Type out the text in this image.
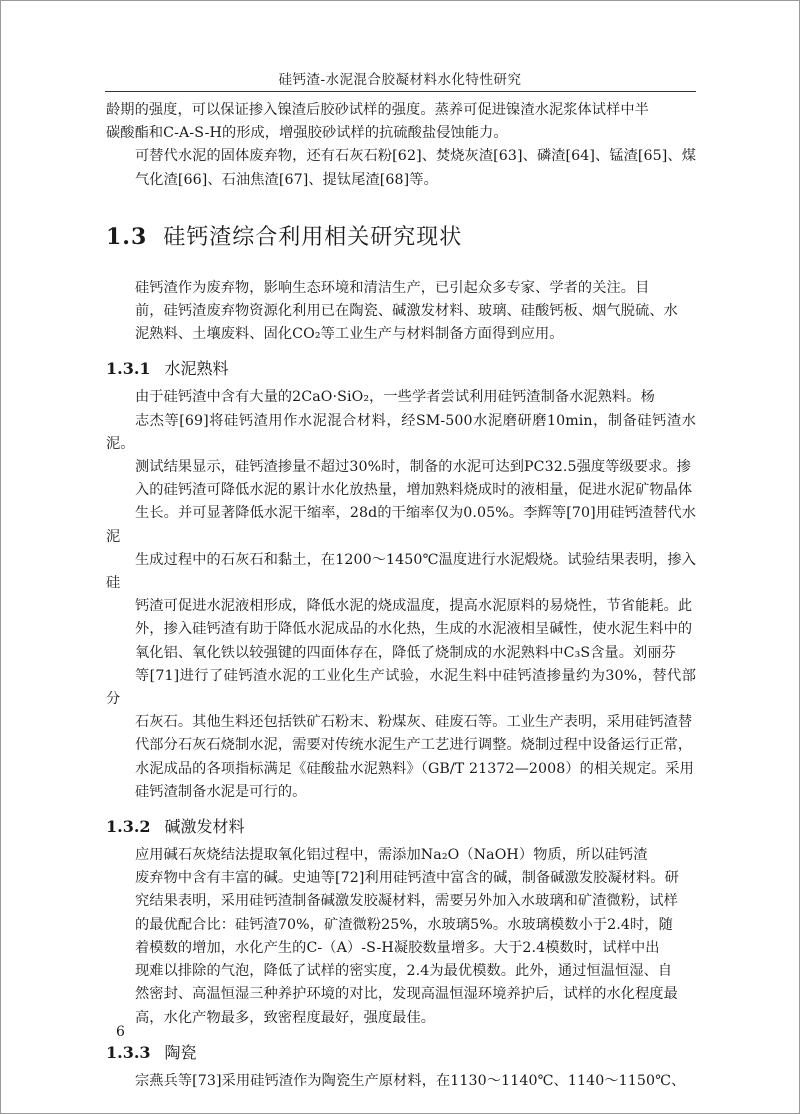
硅钙渣-水泥混合胶凝材料水化特性研究

龄期的强度，可以保证掺入镍渣后胶砂试样的强度。蒸养可促进镍渣水泥浆体试样中半
碳酸酯和C-A-S-H的形成，增强胶砂试样的抗硫酸盐侵蚀能力。

可替代水泥的固体废弃物，还有石灰石粉[62]、焚烧灰渣[63]、磷渣[64]、锰渣[65]、煤
气化渣[66]、石油焦渣[67]、提钛尾渣[68]等。

1.3 硅钙渣综合利用相关研究现状

硅钙渣作为废弃物，影响生态环境和清洁生产，已引起众多专家、学者的关注。目
前，硅钙渣废弃物资源化利用已在陶瓷、碱激发材料、玻璃、硅酸钙板、烟气脱硫、水
泥熟料、土壤废料、固化CO₂等工业生产与材料制备方面得到应用。

1.3.1 水泥熟料

由于硅钙渣中含有大量的2CaO·SiO₂，一些学者尝试利用硅钙渣制备水泥熟料。杨
志杰等[69]将硅钙渣用作水泥混合材料，经SM-500水泥磨研磨10min，制备硅钙渣水泥。
测试结果显示，硅钙渣掺量不超过30%时，制备的水泥可达到PC32.5强度等级要求。掺
入的硅钙渣可降低水泥的累计水化放热量，增加熟料烧成时的液相量，促进水泥矿物晶体
生长。并可显著降低水泥干缩率，28d的干缩率仅为0.05%。李辉等[70]用硅钙渣替代水泥
生成过程中的石灰石和黏土，在1200～1450℃温度进行水泥煅烧。试验结果表明，掺入硅
钙渣可促进水泥液相形成，降低水泥的烧成温度，提高水泥原料的易烧性，节省能耗。此
外，掺入硅钙渣有助于降低水泥成品的水化热，生成的水泥液相呈碱性，使水泥生料中的
氧化铝、氧化铁以较强键的四面体存在，降低了烧制成的水泥熟料中C₃S含量。刘丽芬
等[71]进行了硅钙渣水泥的工业化生产试验，水泥生料中硅钙渣掺量约为30%，替代部分
石灰石。其他生料还包括铁矿石粉末、粉煤灰、硅废石等。工业生产表明，采用硅钙渣替
代部分石灰石烧制水泥，需要对传统水泥生产工艺进行调整。烧制过程中设备运行正常，
水泥成品的各项指标满足《硅酸盐水泥熟料》（GB/T 21372—2008）的相关规定。采用
硅钙渣制备水泥是可行的。

1.3.2 碱激发材料

应用碱石灰烧结法提取氧化铝过程中，需添加Na₂O（NaOH）物质，所以硅钙渣
废弃物中含有丰富的碱。史迪等[72]利用硅钙渣中富含的碱，制备碱激发胶凝材料。研
究结果表明，采用硅钙渣制备碱激发胶凝材料，需要另外加入水玻璃和矿渣微粉，试样
的最优配合比：硅钙渣70%，矿渣微粉25%，水玻璃5%。水玻璃模数小于2.4时，随
着模数的增加，水化产生的C-（A）-S-H凝胶数量增多。大于2.4模数时，试样中出
现难以排除的气泡，降低了试样的密实度，2.4为最优模数。此外，通过恒温恒湿、自
然密封、高温恒湿三种养护环境的对比，发现高温恒湿环境养护后，试样的水化程度最
高，水化产物最多，致密程度最好，强度最佳。

1.3.3 陶瓷

宗燕兵等[73]采用硅钙渣作为陶瓷生产原材料，在1130～1140℃、1140～1150℃、

6
